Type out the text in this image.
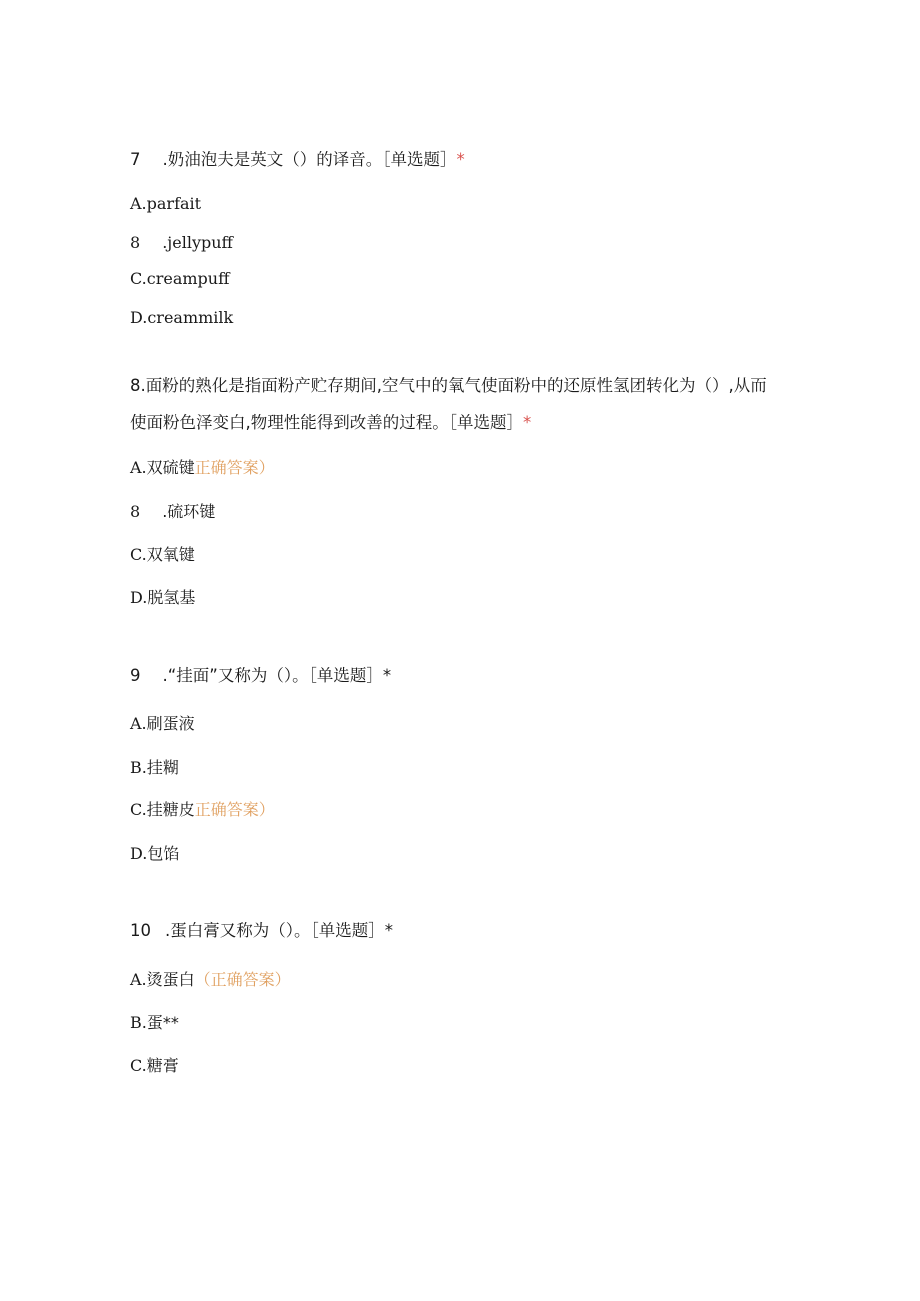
7 .奶油泡夫是英文（）的译音。［单选题］*
A.parfait
8 .jellypuff
C.creampuff
D.creammilk
8.面粉的熟化是指面粉产贮存期间,空气中的氧气使面粉中的还原性氢团转化为（）,从而
使面粉色泽变白,物理性能得到改善的过程。［单选题］*
A.双硫键正确答案）
8 .硫环键
C.双氧键
D.脱氢基
9 .“挂面”又称为（）。［单选题］*
A.刷蛋液
B.挂糊
C.挂糖皮正确答案）
D.包馅
10 .蛋白膏又称为（）。［单选题］*
A.烫蛋白（正确答案）
B.蛋**
C.糖膏
